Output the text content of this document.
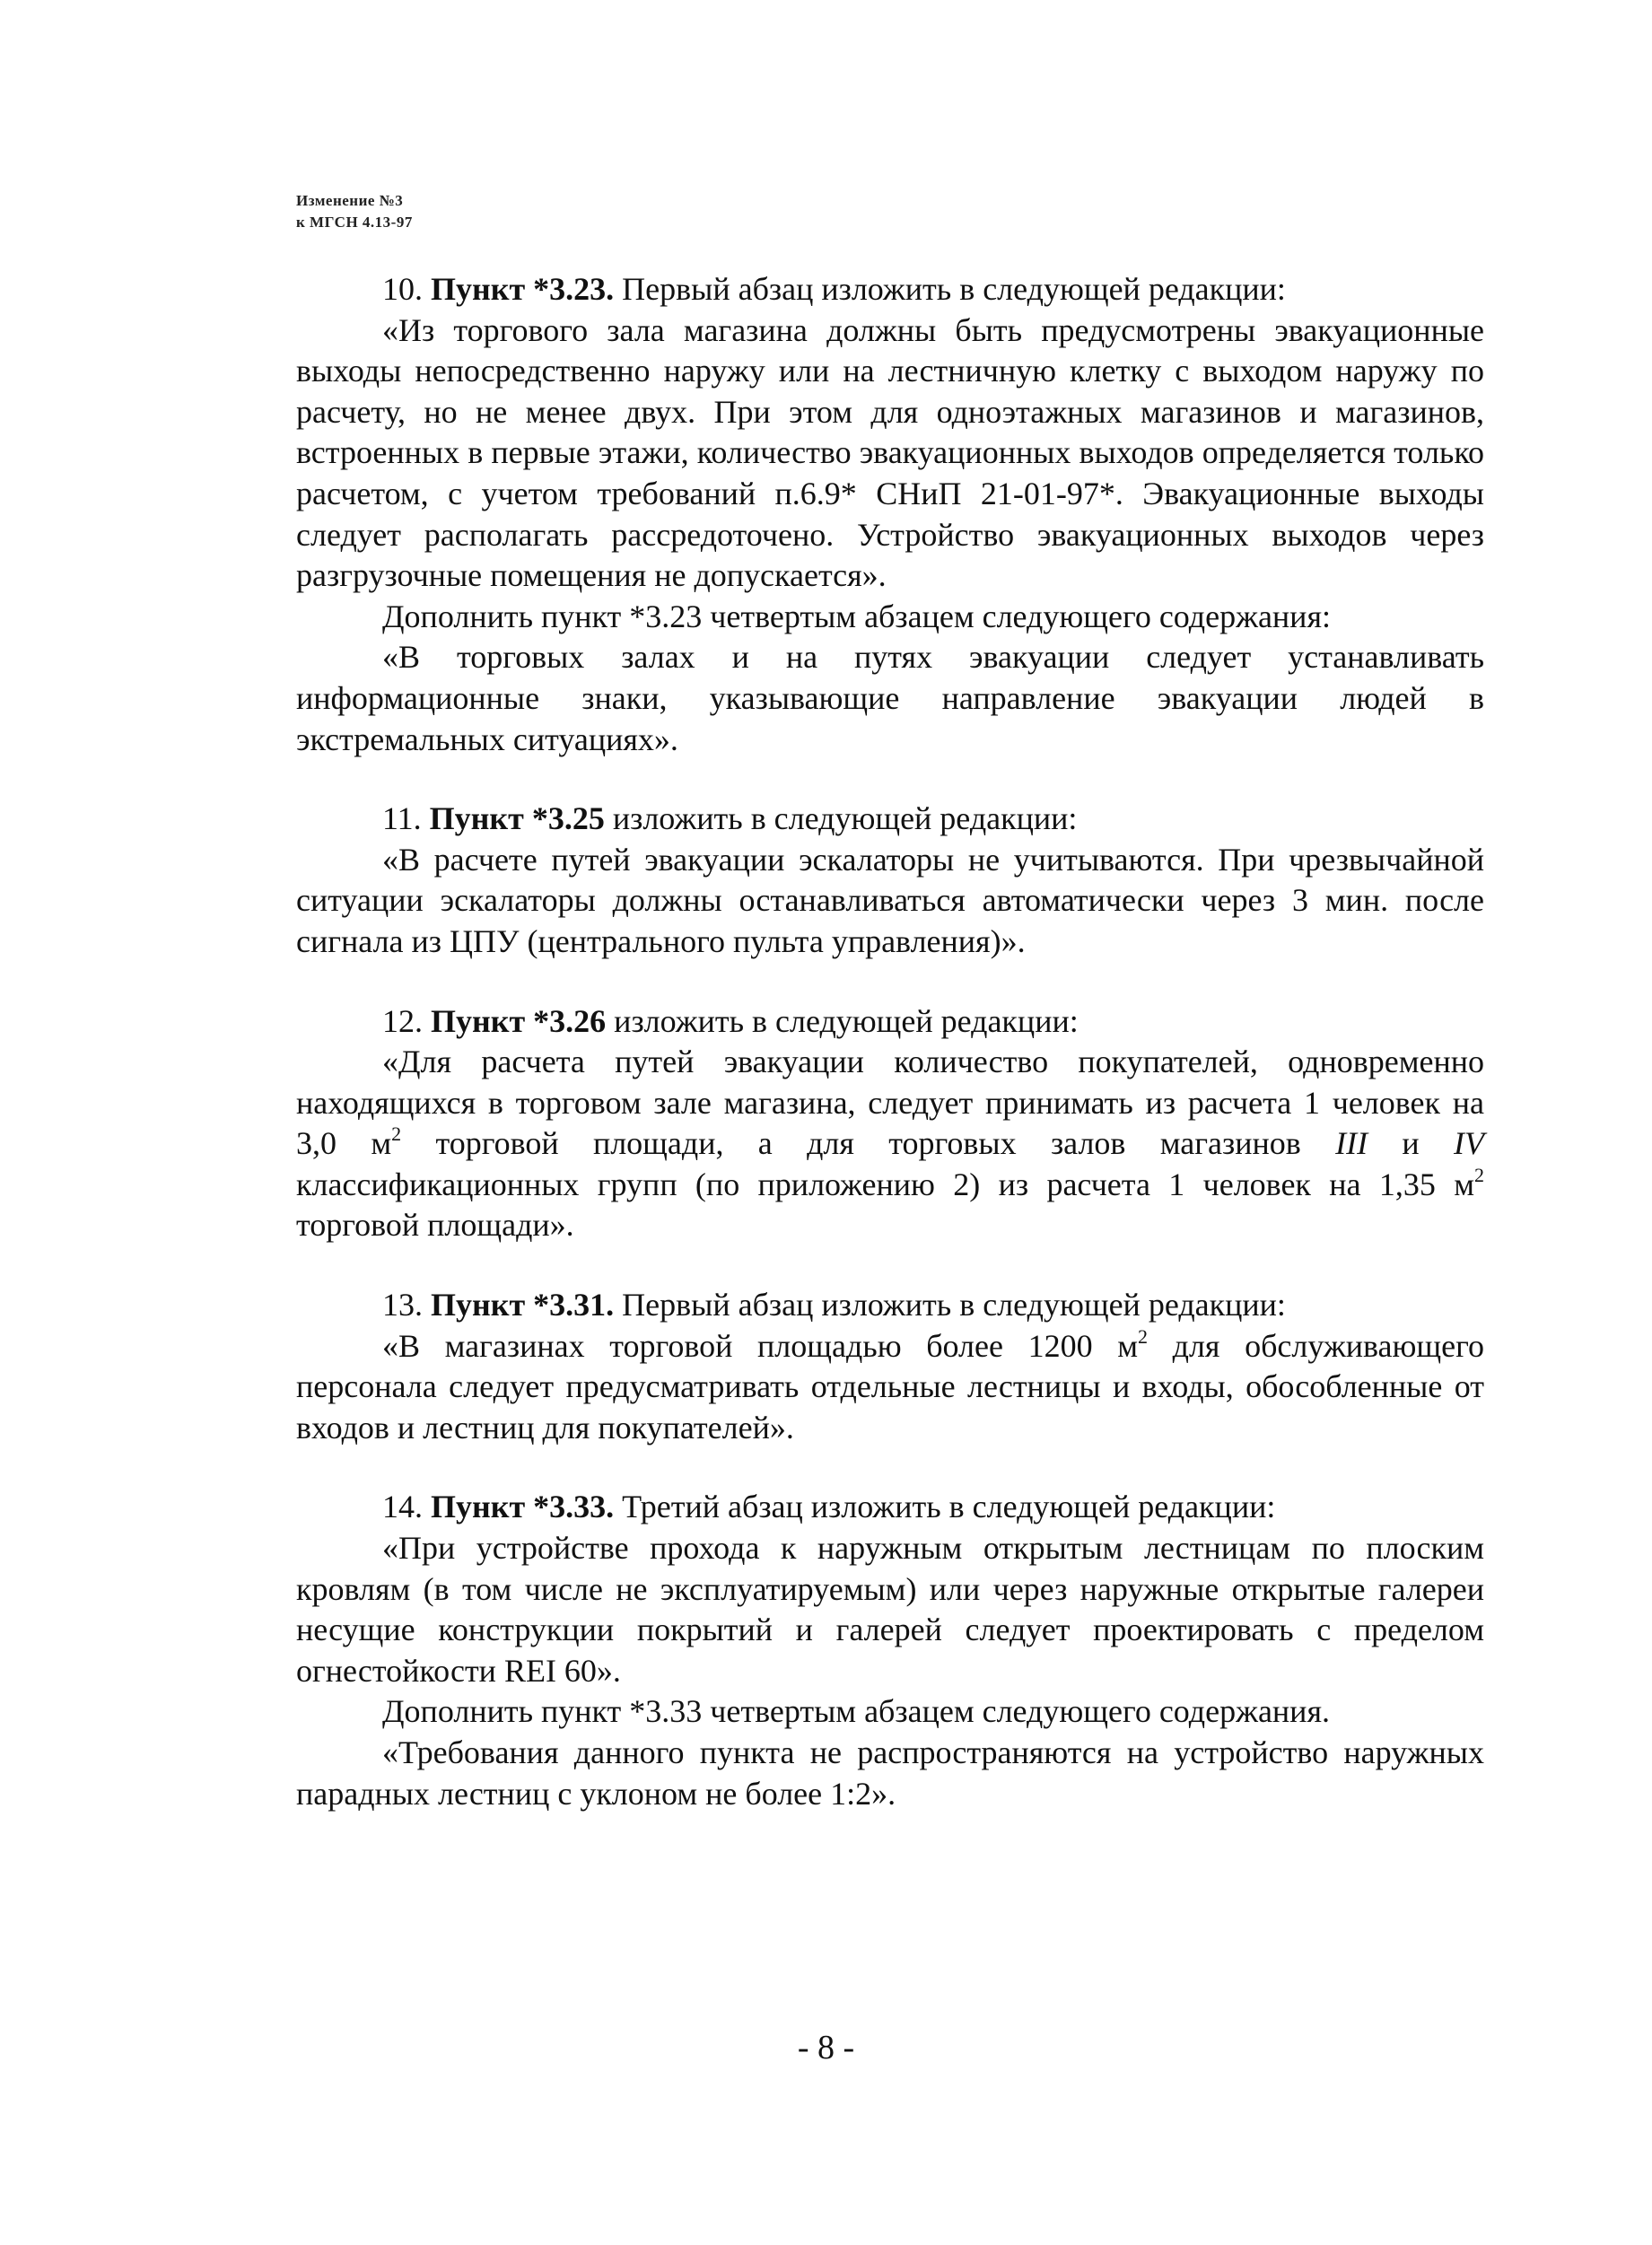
Изменение №3
к МГСН 4.13-97

10. Пункт *3.23. Первый абзац изложить в следующей редакции:

«Из торгового зала магазина должны быть предусмотрены эвакуационные выходы непосредственно наружу или на лестничную клетку с выходом наружу по расчету, но не менее двух. При этом для одноэтажных магазинов и магазинов, встроенных в первые этажи, количество эвакуационных выходов определяется только расчетом, с учетом требований п.6.9* СНиП 21-01-97*. Эвакуационные выходы следует располагать рассредоточено. Устройство эвакуационных выходов через разгрузочные помещения не допускается».

Дополнить пункт *3.23 четвертым абзацем следующего содержания:

«В торговых залах и на путях эвакуации следует устанавливать информационные знаки, указывающие направление эвакуации людей в экстремальных ситуациях».

11. Пункт *3.25 изложить в следующей редакции:

«В расчете путей эвакуации эскалаторы не учитываются. При чрезвычайной ситуации эскалаторы должны останавливаться автоматически через 3 мин. после сигнала из ЦПУ (центрального пульта управления)».

12. Пункт *3.26 изложить в следующей редакции:

«Для расчета путей эвакуации количество покупателей, одновременно находящихся в торговом зале магазина, следует принимать из расчета 1 человек на 3,0 $м^2$ торговой площади, а для торговых залов магазинов III и IV классификационных групп (по приложению 2) из расчета 1 человек на 1,35 $м^2$ торговой площади».

13. Пункт *3.31. Первый абзац изложить в следующей редакции:

«В магазинах торговой площадью более 1200 $м^2$ для обслуживающего персонала следует предусматривать отдельные лестницы и входы, обособленные от входов и лестниц для покупателей».

14. Пункт *3.33. Третий абзац изложить в следующей редакции:

«При устройстве прохода к наружным открытым лестницам по плоским кровлям (в том числе не эксплуатируемым) или через наружные открытые галереи несущие конструкции покрытий и галерей следует проектировать с пределом огнестойкости REI 60».

Дополнить пункт *3.33 четвертым абзацем следующего содержания.

«Требования данного пункта не распространяются на устройство наружных парадных лестниц с уклоном не более 1:2».

- 8 -
